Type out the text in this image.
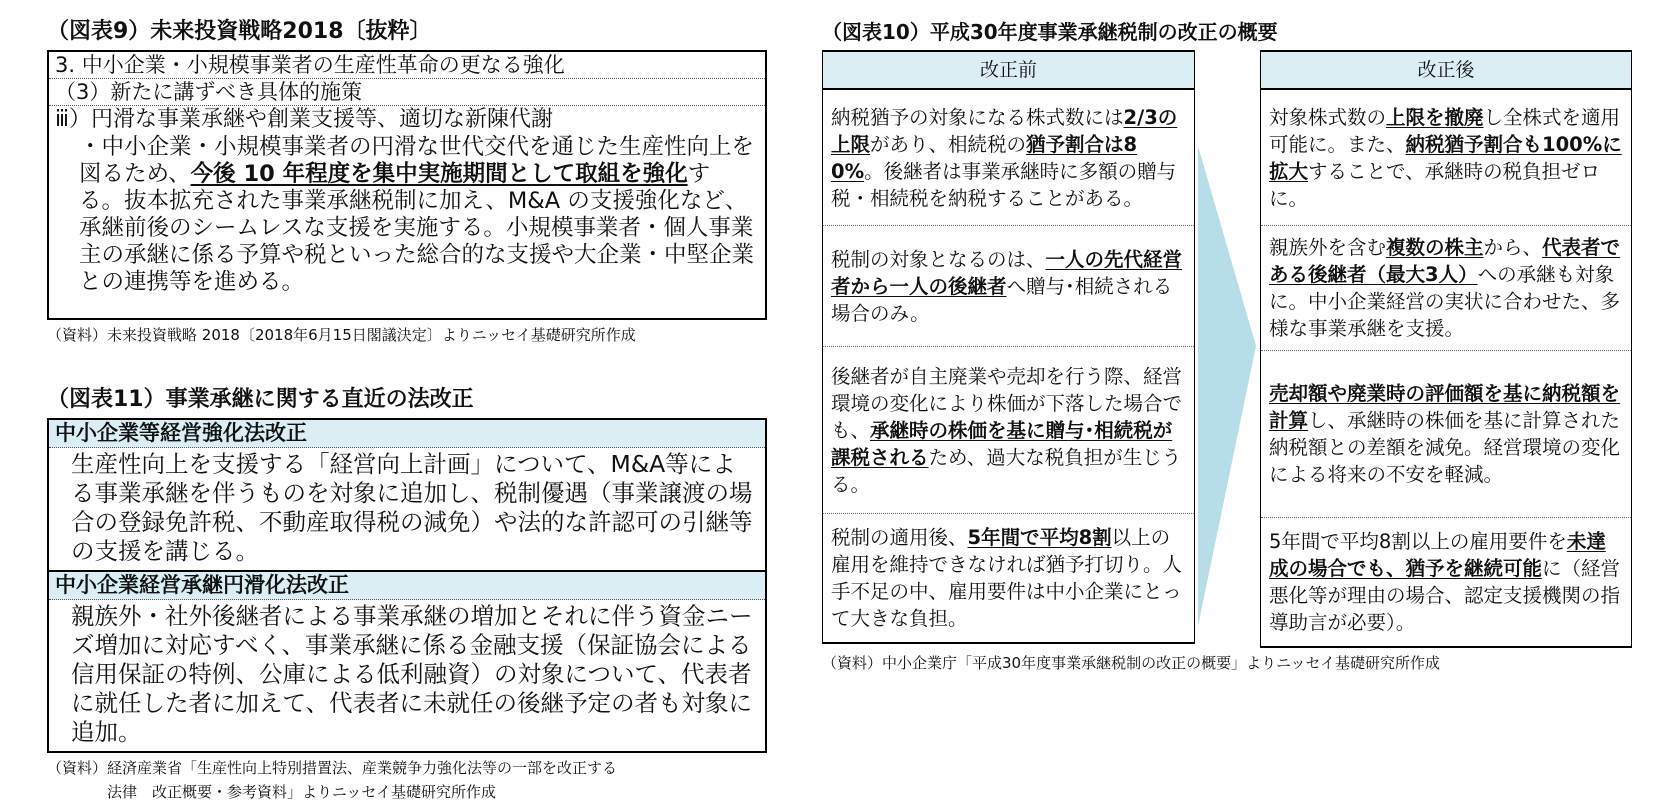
（図表9）未来投資戦略2018〔抜粋〕
3. 中小企業・小規模事業者の生産性革命の更なる強化
（3）新たに講ずべき具体的施策
ⅲ）円滑な事業承継や創業支援等、適切な新陳代謝
・中小企業・小規模事業者の円滑な世代交代を通じた生産性向上を図るため、今後 10 年程度を集中実施期間として取組を強化する。抜本拡充された事業承継税制に加え、M&A の支援強化など、承継前後のシームレスな支援を実施する。小規模事業者・個人事業主の承継に係る予算や税といった総合的な支援や大企業・中堅企業との連携等を進める。
（資料）未来投資戦略 2018〔2018年6月15日閣議決定〕よりニッセイ基礎研究所作成
（図表11）事業承継に関する直近の法改正
中小企業等経営強化法改正
生産性向上を支援する「経営向上計画」について、M&A等による事業承継を伴うものを対象に追加し、税制優遇（事業譲渡の場合の登録免許税、不動産取得税の減免）や法的な許認可の引継等の支援を講じる。
中小企業経営承継円滑化法改正
親族外・社外後継者による事業承継の増加とそれに伴う資金ニーズ増加に対応すべく、事業承継に係る金融支援（保証協会による信用保証の特例、公庫による低利融資）の対象について、代表者に就任した者に加えて、代表者に未就任の後継予定の者も対象に追加。
（資料）経済産業省「生産性向上特別措置法、産業競争力強化法等の一部を改正する
法律　改正概要・参考資料」よりニッセイ基礎研究所作成
（図表10）平成30年度事業承継税制の改正の概要
改正前
納税猶予の対象になる株式数には2/3の上限があり、相続税の猶予割合は80%。後継者は事業承継時に多額の贈与税・相続税を納税することがある。
税制の対象となるのは、一人の先代経営者から一人の後継者へ贈与･相続される場合のみ。
後継者が自主廃業や売却を行う際、経営環境の変化により株価が下落した場合でも、承継時の株価を基に贈与･相続税が課税されるため、過大な税負担が生じうる。
税制の適用後、5年間で平均8割以上の雇用を維持できなければ猶予打切り。人手不足の中、雇用要件は中小企業にとって大きな負担。
改正後
対象株式数の上限を撤廃し全株式を適用可能に。また、納税猶予割合も100%に拡大することで、承継時の税負担ゼロに。
親族外を含む複数の株主から、代表者である後継者（最大3人）への承継も対象に。中小企業経営の実状に合わせた、多様な事業承継を支援。
売却額や廃業時の評価額を基に納税額を計算し、承継時の株価を基に計算された納税額との差額を減免。経営環境の変化による将来の不安を軽減。
5年間で平均8割以上の雇用要件を未達成の場合でも、猶予を継続可能に（経営悪化等が理由の場合、認定支援機関の指導助言が必要）。
（資料）中小企業庁「平成30年度事業承継税制の改正の概要」よりニッセイ基礎研究所作成
